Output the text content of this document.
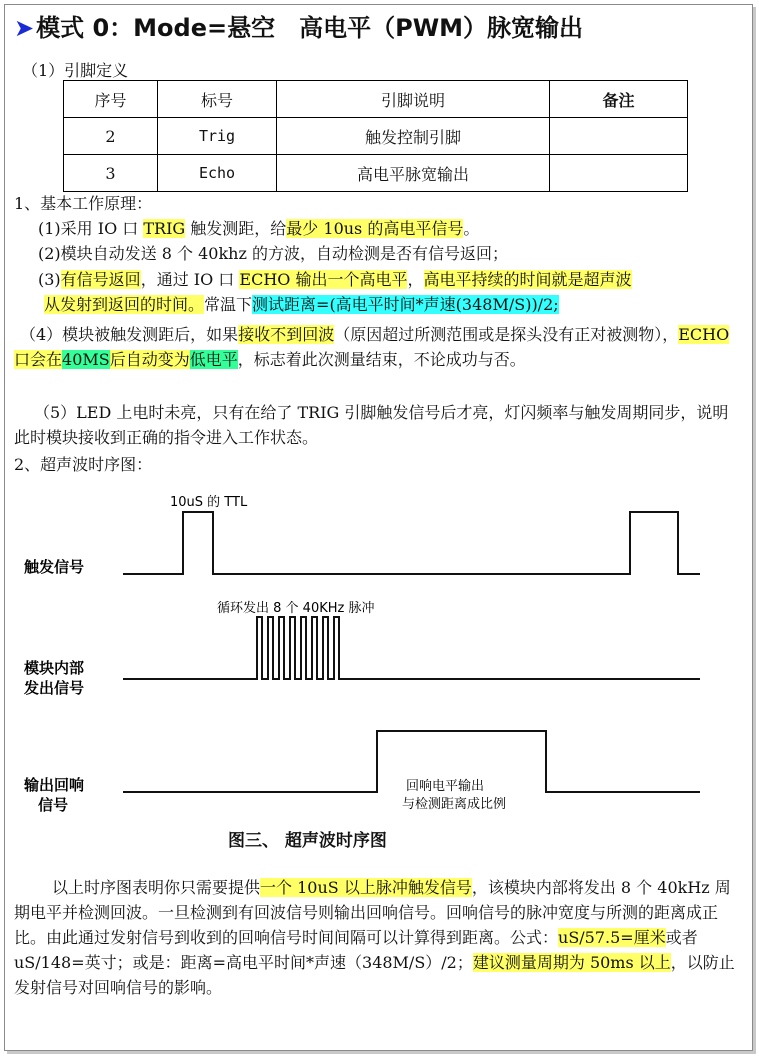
➤模式 0：Mode=悬空　高电平（PWM）脉宽输出
（1）引脚定义
序号	标号	引脚说明	备注
2	Trig	触发控制引脚	
3	Echo	高电平脉宽输出	
1、基本工作原理：
(1)采用 IO 口 TRIG 触发测距，给最少 10us 的高电平信号。
(2)模块自动发送 8 个 40khz 的方波，自动检测是否有信号返回；
(3)有信号返回，通过 IO 口 ECHO 输出一个高电平，高电平持续的时间就是超声波
从发射到返回的时间。常温下测试距离=(高电平时间*声速(348M/S))/2;
（4）模块被触发测距后，如果接收不到回波（原因超过所测范围或是探头没有正对被测物），ECHO 口会在40MS后自动变为低电平，标志着此次测量结束，不论成功与否。
（5）LED 上电时未亮，只有在给了 TRIG 引脚触发信号后才亮，灯闪频率与触发周期同步，说明此时模块接收到正确的指令进入工作状态。
2、超声波时序图：
触发信号
10uS 的 TTL
模块内部
发出信号
循环发出 8 个 40KHz 脉冲
输出回响
信号
回响电平输出
与检测距离成比例
图三、 超声波时序图
以上时序图表明你只需要提供一个 10uS 以上脉冲触发信号，该模块内部将发出 8 个 40kHz 周期电平并检测回波。一旦检测到有回波信号则输出回响信号。回响信号的脉冲宽度与所测的距离成正比。由此通过发射信号到收到的回响信号时间间隔可以计算得到距离。公式：uS/57.5=厘米或者 uS/148=英寸；或是：距离=高电平时间*声速（348M/S）/2；建议测量周期为 50ms 以上，以防止发射信号对回响信号的影响。
